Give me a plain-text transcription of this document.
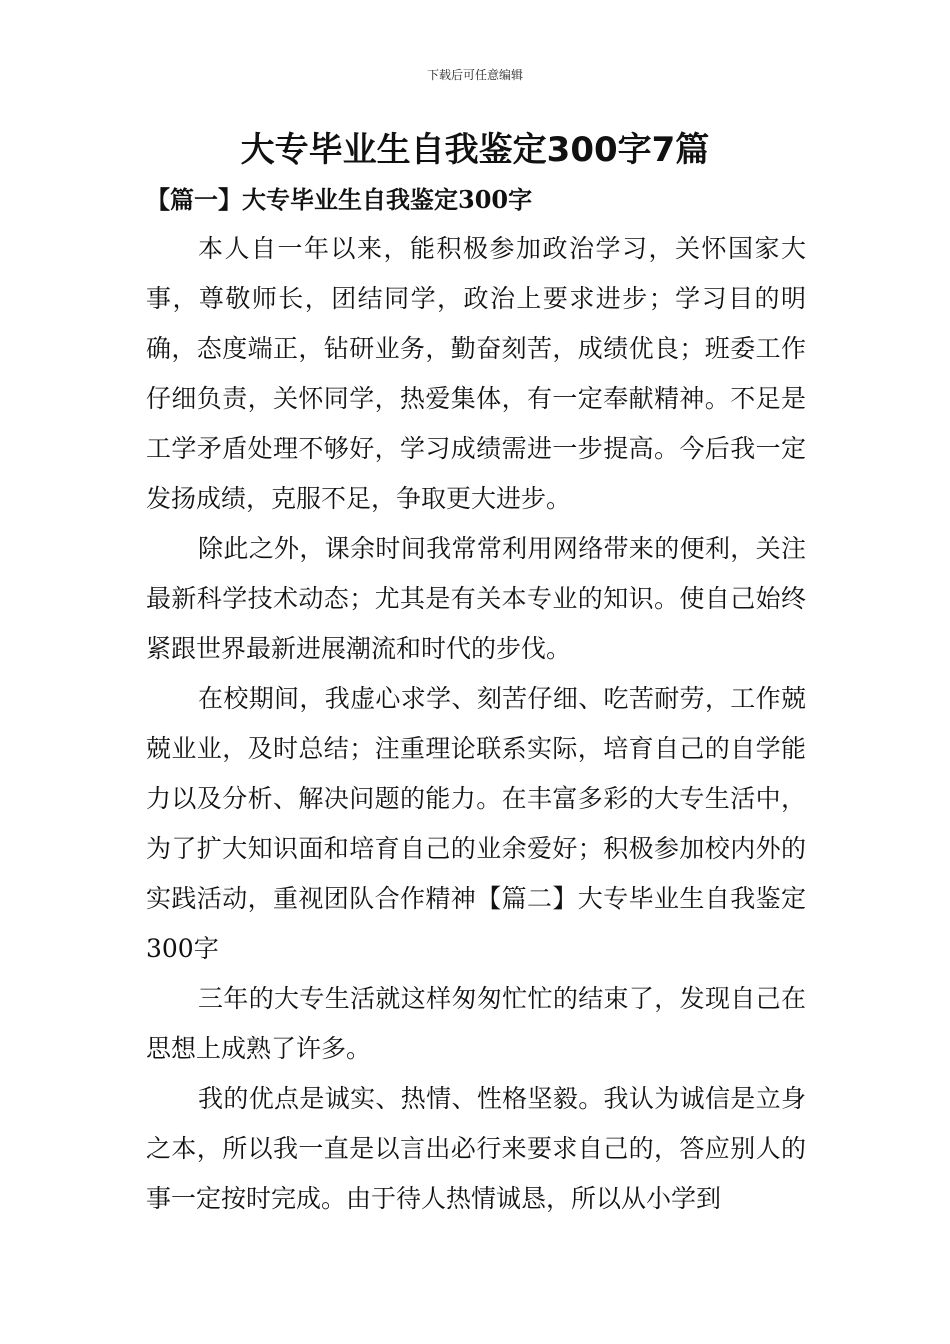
下载后可任意编辑
大专毕业生自我鉴定300字7篇
【篇一】大专毕业生自我鉴定300字

本人自一年以来，能积极参加政治学习，关怀国家大事，尊敬师长，团结同学，政治上要求进步；学习目的明确，态度端正，钻研业务，勤奋刻苦，成绩优良；班委工作仔细负责，关怀同学，热爱集体，有一定奉献精神。不足是工学矛盾处理不够好，学习成绩需进一步提高。今后我一定发扬成绩，克服不足，争取更大进步。

除此之外，课余时间我常常利用网络带来的便利，关注最新科学技术动态；尤其是有关本专业的知识。使自己始终紧跟世界最新进展潮流和时代的步伐。

在校期间，我虚心求学、刻苦仔细、吃苦耐劳，工作兢兢业业，及时总结；注重理论联系实际，培育自己的自学能力以及分析、解决问题的能力。在丰富多彩的大专生活中，为了扩大知识面和培育自己的业余爱好；积极参加校内外的实践活动，重视团队合作精神【篇二】大专毕业生自我鉴定300字

三年的大专生活就这样匆匆忙忙的结束了，发现自己在思想上成熟了许多。

我的优点是诚实、热情、性格坚毅。我认为诚信是立身之本，所以我一直是以言出必行来要求自己的，答应别人的事一定按时完成。由于待人热情诚恳，所以从小学到
